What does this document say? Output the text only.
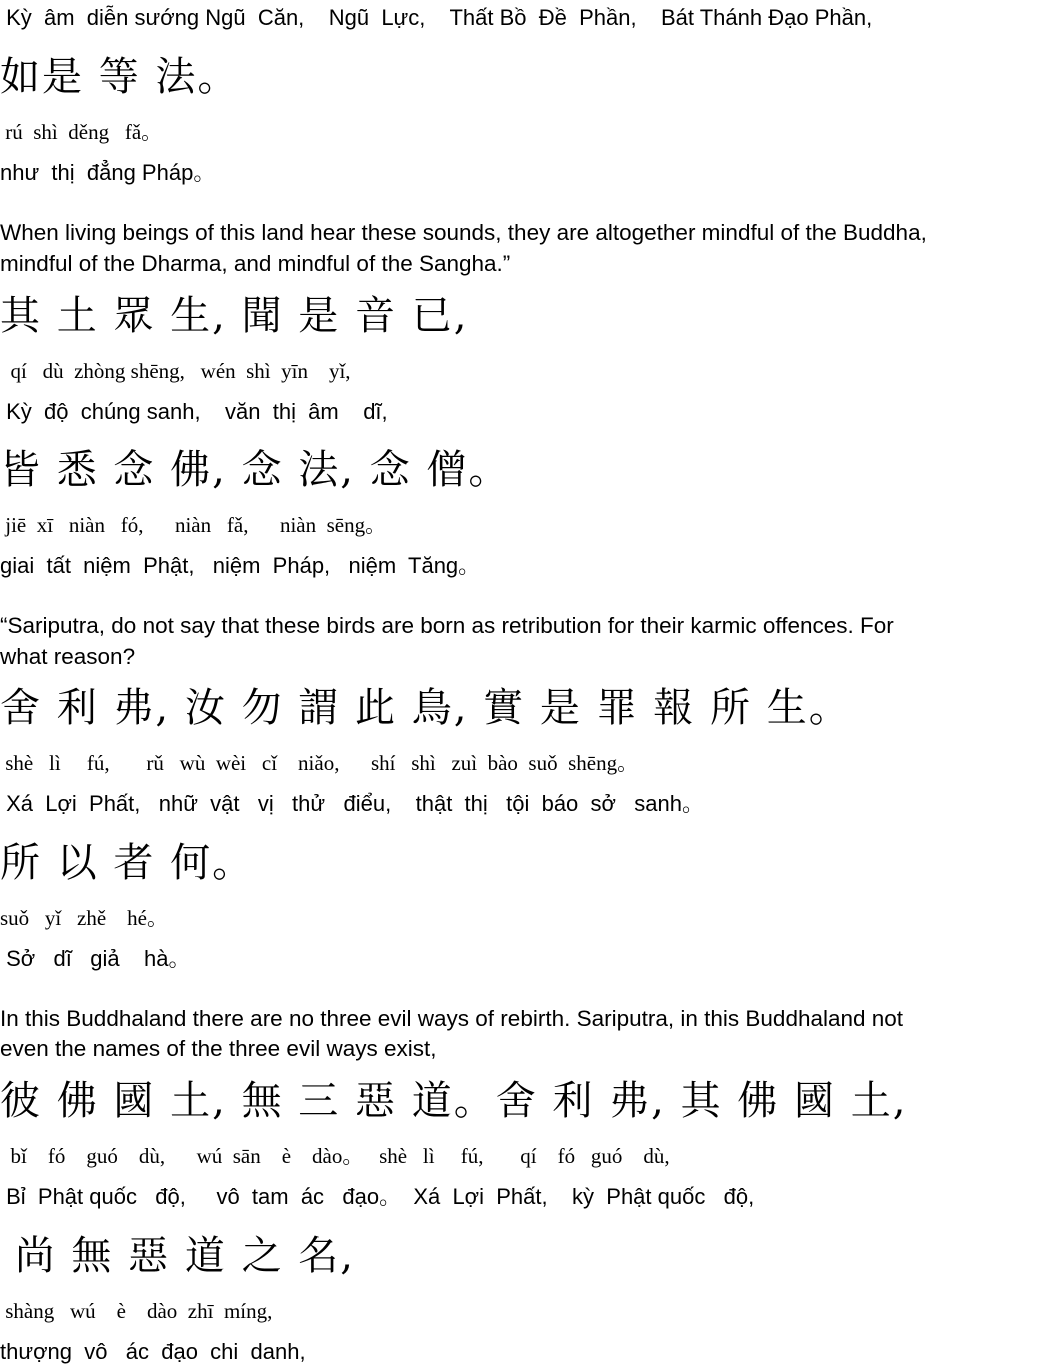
Kỳ  âm  diễn sướng Ngũ  Căn,    Ngũ  Lực,    Thất Bồ  Đề  Phần,    Bát Thánh Đạo Phần,
如是 等 法。
rú  shì  děng   fǎ。
như  thị  đẳng Pháp。
When living beings of this land hear these sounds, they are altogether mindful of the Buddha,
mindful of the Dharma, and mindful of the Sangha.”
其 土 眾 生, 聞 是 音 已,
qí   dù  zhòng shēng,   wén  shì  yīn    yǐ,
Kỳ  độ  chúng sanh,    văn  thị  âm    dĩ,
皆 悉 念 佛, 念 法, 念 僧。
jiē  xī   niàn   fó,      niàn   fǎ,      niàn  sēng。
giai  tất  niệm  Phật,   niệm  Pháp,   niệm  Tăng。
“Sariputra, do not say that these birds are born as retribution for their karmic offences. For
what reason?
舍 利 弗, 汝 勿 謂 此 鳥, 實 是 罪 報 所 生。
shè   lì     fú,       rǔ   wù  wèi   cǐ    niǎo,      shí   shì   zuì  bào  suǒ  shēng。
Xá  Lợi  Phất,   nhữ  vật   vị   thử   điểu,    thật  thị   tội  báo  sở   sanh。
所 以 者 何。
suǒ   yǐ   zhě    hé。
Sở   dĩ   giả    hà。
In this Buddhaland there are no three evil ways of rebirth. Sariputra, in this Buddhaland not
even the names of the three evil ways exist,
彼 佛 國 土, 無 三 惡 道。舍 利 弗, 其 佛 國 土,
bǐ    fó    guó    dù,      wú  sān    è    dào。   shè   lì     fú,       qí    fó   guó    dù,
Bỉ  Phật quốc   độ,     vô  tam  ác   đạo。  Xá  Lợi  Phất,    kỳ  Phật quốc   độ,
尚 無 惡 道 之 名,
shàng   wú    è    dào  zhī  míng,
thượng  vô   ác  đạo  chi  danh,
